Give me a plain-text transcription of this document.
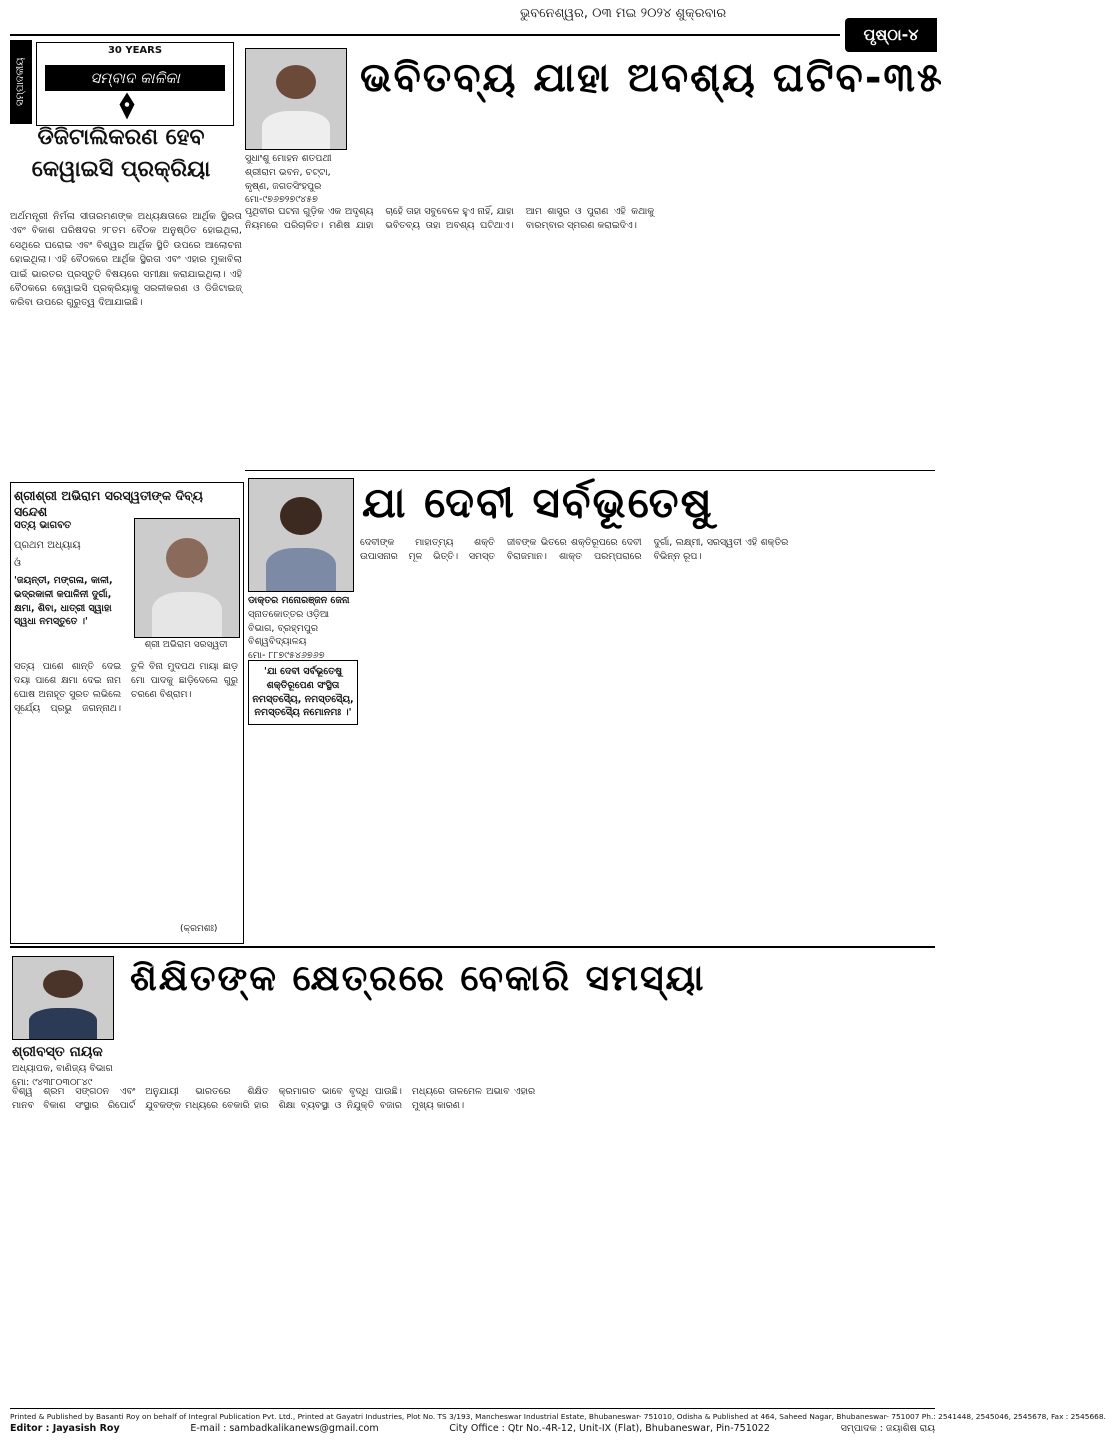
ଭୁବନେଶ୍ୱର, ୦୩ ମଇ ୨୦୨୪ ଶୁକ୍ରବାର
ପୃଷ୍ଠା-୪
ସମ୍ପାଦକୀୟ
30 YEARS
ସମ୍ବାଦ କାଳିକା
ଡିଜିଟାଲିକରଣ ହେବ କେୱାଇସି ପ୍ରକ୍ରିୟା
ଅର୍ଥମନ୍ତ୍ରୀ ନିର୍ମଳା ସୀତାରମଣଙ୍କ ଅଧ୍ୟକ୍ଷତାରେ ଆର୍ଥିକ ସ୍ଥିରତା ଏବଂ ବିକାଶ ପରିଷଦର ୨୮ତମ ବୈଠକ ଅନୁଷ୍ଠିତ ହୋଇଥିଲା, ସେଥିରେ ଘରୋଇ ଏବଂ ବିଶ୍ୱର ଆର୍ଥିକ ସ୍ଥିତି ଉପରେ ଆଲୋଚନା ହୋଇଥିଲା। ଏହି ବୈଠକରେ ଆର୍ଥିକ ସ୍ଥିରତା ଏବଂ ଏହାର ମୁକାବିଲା ପାଇଁ ଭାରତର ପ୍ରସ୍ତୁତି ବିଷୟରେ ସମୀକ୍ଷା କରାଯାଇଥିଲା। ଏହି ବୈଠକରେ କେୱାଇସି ପ୍ରକ୍ରିୟାକୁ ସରଳୀକରଣ ଓ ଡିଜିଟାଇଜ୍ କରିବା ଉପରେ ଗୁରୁତ୍ୱ ଦିଆଯାଇଛି।
ସୁଧାଂଶୁ ମୋହନ ଶତପଥୀ
ଶ୍ରୀରାମ ଭବନ, ଚଟ୍ଟା, କୃଷ୍ଣ, ଜଗତସିଂହପୁର
ମୋ-୯୭୬୭୨୭୯୪୫୭
ଭବିତବ୍ୟ ଯାହା ଅବଶ୍ୟ ଘଟିବ-୩୫
ପୃଥିବୀର ଘଟନା ଗୁଡ଼ିକ ଏକ ଅଦୃଶ୍ୟ ନିୟମରେ ପରିଚାଳିତ। ମଣିଷ ଯାହା ଚାହେଁ ତାହା ସବୁବେଳେ ହୁଏ ନାହିଁ, ଯାହା ଭବିତବ୍ୟ ତାହା ଅବଶ୍ୟ ଘଟିଥାଏ। ଆମ ଶାସ୍ତ୍ର ଓ ପୁରାଣ ଏହି କଥାକୁ ବାରମ୍ବାର ସ୍ମରଣ କରାଇଦିଏ।
ଶ୍ରୀଶ୍ରୀ ଅଭିରାମ ସରସ୍ୱତୀଙ୍କ ଦିବ୍ୟ ସନ୍ଦେଶ
ସତ୍ୟ ଭାଗବତ
ପ୍ରଥମ ଅଧ୍ୟାୟ
ଓଁ
'ଜୟନ୍ତୀ, ମଙ୍ଗଳା, କାଳୀ, ଭଦ୍ରକାଳୀ କପାଳିନୀ ଦୁର୍ଗା, କ୍ଷମା, ଶିବା, ଧାତ୍ରୀ ସ୍ୱାହା ସ୍ୱଧା ନମସ୍ତୁତେ ।'
ଶ୍ରୀ ଅଭିରାମ ସରସ୍ୱତୀ
ସତ୍ୟ ପାଶେ ଶାନ୍ତି ଦେଇ ଦୟା ପାଶେ କ୍ଷମା ଦେଇ ନାମ ଘୋଷ ଅନାହୂତ ସୁରତ ଲଭିଲେ ସୂର୍ଯ୍ୟେ ପ୍ରଭୁ ଜଗନ୍ନାଥ। ତୁଳି ବିନା ମୁଦପଥ ମାୟା ଛାଡ଼ ମୋ ପାଦକୁ ଛାଡ଼ିଦେଲେ ଗୁରୁ ଚରଣେ ବିଶ୍ରାମ।
(କ୍ରମଶଃ)
ଡାକ୍ତର ମନୋରଞ୍ଜନ ଜେନା
ସ୍ନାତକୋତ୍ତର ଓଡ଼ିଆ ବିଭାଗ, ବ୍ରହ୍ମପୁର ବିଶ୍ୱବିଦ୍ୟାଳୟ
ମୋ- ୮୮୭୯୫୪୬୭୬୭
ଯା ଦେବୀ ସର୍ବଭୂତେଷୁ
'ଯା ଦେବୀ ସର୍ବଭୂତେଷୁ ଶକ୍ତିରୂପେଣ ସଂସ୍ଥିତା ନମସ୍ତସ୍ୟୈ, ନମସ୍ତସ୍ୟୈ, ନମସ୍ତସ୍ୟୈ ନମୋନମଃ ।'
ଦେବୀଙ୍କ ମାହାତ୍ମ୍ୟ ଶକ୍ତି ଉପାସନାର ମୂଳ ଭିତ୍ତି। ସମସ୍ତ ଜୀବଙ୍କ ଭିତରେ ଶକ୍ତିରୂପରେ ଦେବୀ ବିରାଜମାନ। ଶାକ୍ତ ପରମ୍ପରାରେ ଦୁର୍ଗା, ଲକ୍ଷ୍ମୀ, ସରସ୍ୱତୀ ଏହି ଶକ୍ତିର ବିଭିନ୍ନ ରୂପ।
ଶ୍ରୀବସ୍ତ ନାୟକ
ଅଧ୍ୟାପକ, ବାଣିଜ୍ୟ ବିଭାଗ
ମୋ: ୯୪୩୮୦୩୦୮୪୯
ଶିକ୍ଷିତଙ୍କ କ୍ଷେତ୍ରରେ ବେକାରି ସମସ୍ୟା
ବିଶ୍ୱ ଶ୍ରମ ସଙ୍ଗଠନ ଏବଂ ମାନବ ବିକାଶ ସଂସ୍ଥାର ରିପୋର୍ଟ ଅନୁଯାୟୀ ଭାରତରେ ଶିକ୍ଷିତ ଯୁବକଙ୍କ ମଧ୍ୟରେ ବେକାରି ହାର କ୍ରମାଗତ ଭାବେ ବୃଦ୍ଧି ପାଉଛି। ଶିକ୍ଷା ବ୍ୟବସ୍ଥା ଓ ନିଯୁକ୍ତି ବଜାର ମଧ୍ୟରେ ତାଳମେଳ ଅଭାବ ଏହାର ମୁଖ୍ୟ କାରଣ।
Printed & Published by Basanti Roy on behalf of Integral Publication Pvt. Ltd., Printed at Gayatri Industries, Plot No. TS 3/193, Mancheswar Industrial Estate, Bhubaneswar- 751010, Odisha & Published at 464, Saheed Nagar, Bhubaneswar- 751007 Ph.: 2541448, 2545046, 2545678, Fax : 2545668.
Editor : Jayasish Roy	E-mail : sambadkalikanews@gmail.com	City Office : Qtr No.-4R-12, Unit-IX (Flat), Bhubaneswar, Pin-751022	ସମ୍ପାଦକ : ଜୟାଶିଷ ରାୟ
